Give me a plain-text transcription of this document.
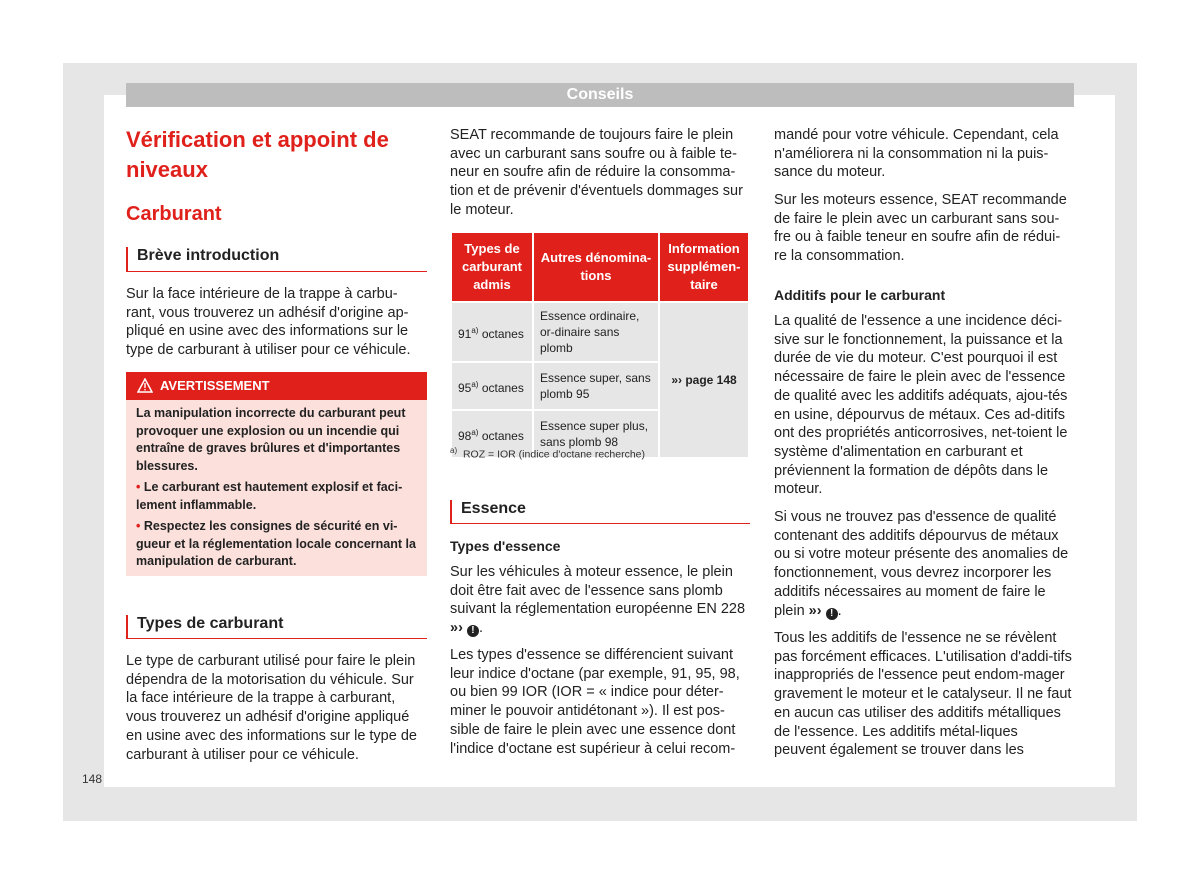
Conseils
Vérification et appoint de niveaux
Carburant
Brève introduction

Sur la face intérieure de la trappe à carbu-rant, vous trouverez un adhésif d'origine ap-pliqué en usine avec des informations sur le type de carburant à utiliser pour ce véhicule.

AVERTISSEMENT

La manipulation incorrecte du carburant peut provoquer une explosion ou un incendie qui entraîne de graves brûlures et d'importantes blessures.

• Le carburant est hautement explosif et faci-lement inflammable.

• Respectez les consignes de sécurité en vi-gueur et la réglementation locale concernant la manipulation de carburant.

Types de carburant

Le type de carburant utilisé pour faire le plein dépendra de la motorisation du véhicule. Sur la face intérieure de la trappe à carburant, vous trouverez un adhésif d'origine appliqué en usine avec des informations sur le type de carburant à utiliser pour ce véhicule.

148

SEAT recommande de toujours faire le plein avec un carburant sans soufre ou à faible te-neur en soufre afin de réduire la consomma-tion et de prévenir d'éventuels dommages sur le moteur.

Types de carburant admis	Autres dénomina-tions	Information supplémen-taire
91$^{a)}$ octanes	Essence ordinaire, or-dinaire sans plomb	»› page 148
95$^{a)}$ octanes	Essence super, sans plomb 95	
98$^{a)}$ octanes	Essence super plus, sans plomb 98	
$^{a)}$ ROZ = IOR (indice d'octane recherche)
Essence
Types d'essence

Sur les véhicules à moteur essence, le plein doit être fait avec de l'essence sans plomb suivant la réglementation européenne EN 228 »› ! .

Les types d'essence se différencient suivant leur indice d'octane (par exemple, 91, 95, 98, ou bien 99 IOR (IOR = « indice pour déter-miner le pouvoir antidétonant »). Il est pos-sible de faire le plein avec une essence dont l'indice d'octane est supérieur à celui recom-

mandé pour votre véhicule. Cependant, cela n'améliorera ni la consommation ni la puis-sance du moteur.

Sur les moteurs essence, SEAT recommande de faire le plein avec un carburant sans sou-fre ou à faible teneur en soufre afin de rédui-re la consommation.

Additifs pour le carburant

La qualité de l'essence a une incidence déci-sive sur le fonctionnement, la puissance et la durée de vie du moteur. C'est pourquoi il est nécessaire de faire le plein avec de l'essence de qualité avec les additifs adéquats, ajou-tés en usine, dépourvus de métaux. Ces ad-ditifs ont des propriétés anticorrosives, net-toient le système d'alimentation en carburant et préviennent la formation de dépôts dans le moteur.

Si vous ne trouvez pas d'essence de qualité contenant des additifs dépourvus de métaux ou si votre moteur présente des anomalies de fonctionnement, vous devrez incorporer les additifs nécessaires au moment de faire le plein »› ! .

Tous les additifs de l'essence ne se révèlent pas forcément efficaces. L'utilisation d'addi-tifs inappropriés de l'essence peut endom-mager gravement le moteur et le catalyseur. Il ne faut en aucun cas utiliser des additifs métalliques de l'essence. Les additifs métal-liques peuvent également se trouver dans les
